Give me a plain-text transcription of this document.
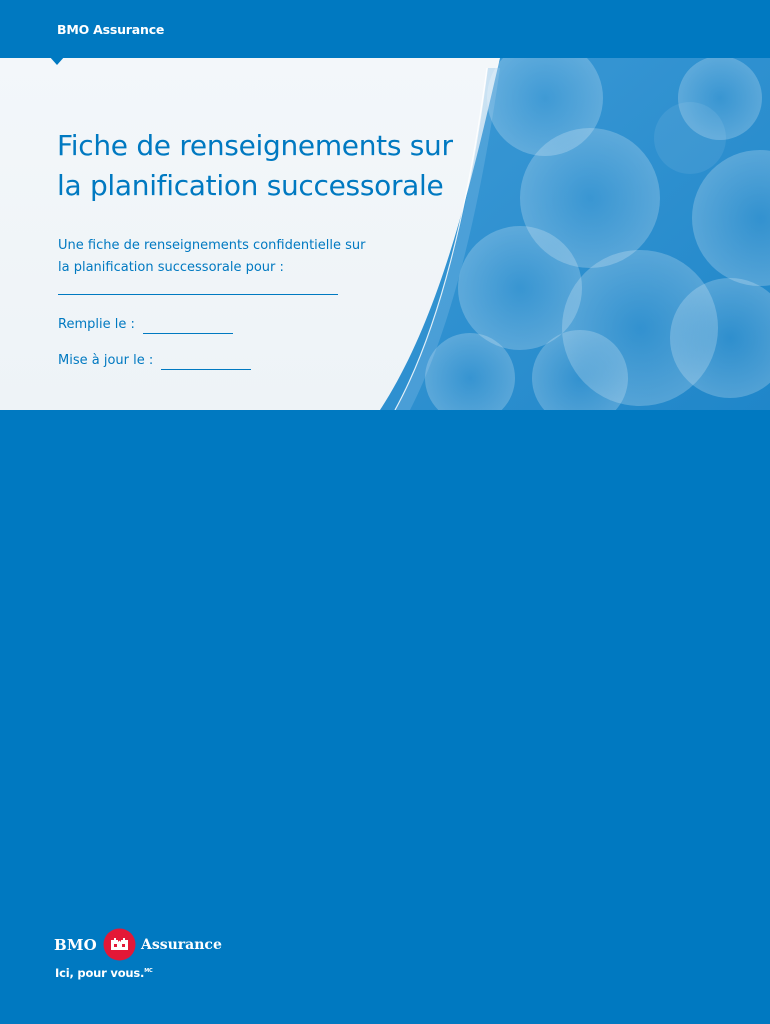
BMO Assurance
Fiche de renseignements sur
la planification successorale
Une fiche de renseignements confidentielle sur
la planification successorale pour :
Remplie le :
Mise à jour le :
BMO	Assurance
Ici, pour vous.$^{MC}$
